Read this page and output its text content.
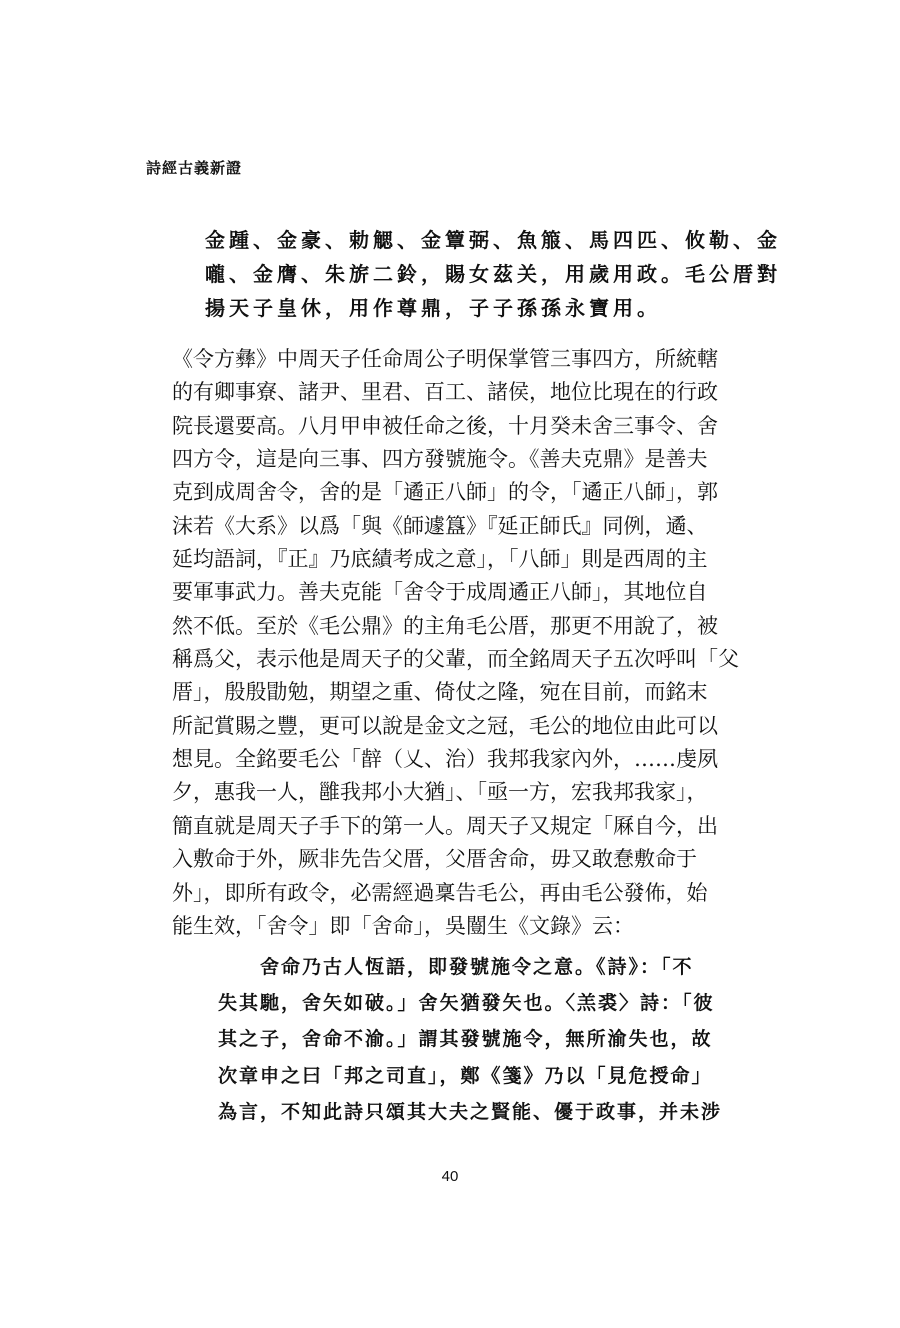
詩經古義新證
金踵、金豪、勅䚡、金簟弼、魚箙、馬四匹、攸勒、金
嚨、金膺、朱旂二鈴，賜女茲关，用歲用政。毛公厝對
揚天子皇休，用作尊鼎，子子孫孫永寶用。
《令方彝》中周天子任命周公子明保掌管三事四方，所統轄
的有卿事寮、諸尹、里君、百工、諸侯，地位比現在的行政
院長還要高。八月甲申被任命之後，十月癸未舍三事令、舍
四方令，這是向三事、四方發號施令。《善夫克鼎》是善夫
克到成周舍令，舍的是「遹正八師」的令，「遹正八師」，郭
沫若《大系》以爲「與《師遽簋》『延正師氏』同例，遹、
延均語詞，『正』乃底績考成之意」，「八師」則是西周的主
要軍事武力。善夫克能「舍令于成周遹正八師」，其地位自
然不低。至於《毛公鼎》的主角毛公厝，那更不用說了，被
稱爲父，表示他是周天子的父輩，而全銘周天子五次呼叫「父
厝」，殷殷勖勉，期望之重、倚仗之隆，宛在目前，而銘末
所記賞賜之豐，更可以說是金文之冠，毛公的地位由此可以
想見。全銘要毛公「辪（乂、治）我邦我家內外，……虔夙
夕，惠我一人，雝我邦小大猶」、「亟一方，宏我邦我家」，
簡直就是周天子手下的第一人。周天子又規定「厤自今，出
入敷命于外，厥非先告父厝，父厝舍命，毋又敢惷敷命于
外」，即所有政令，必需經過稟告毛公，再由毛公發佈，始
能生效，「舍令」即「舍命」，吳闓生《文錄》云：
舍命乃古人恆語，即發號施令之意。《詩》：「不
失其馳，舍矢如破。」舍矢猶發矢也。〈羔裘〉詩：「彼
其之子，舍命不渝。」謂其發號施令，無所渝失也，故
次章申之曰「邦之司直」，鄭《箋》乃以「見危授命」
為言，不知此詩只頌其大夫之賢能、優于政事，并未涉
40
